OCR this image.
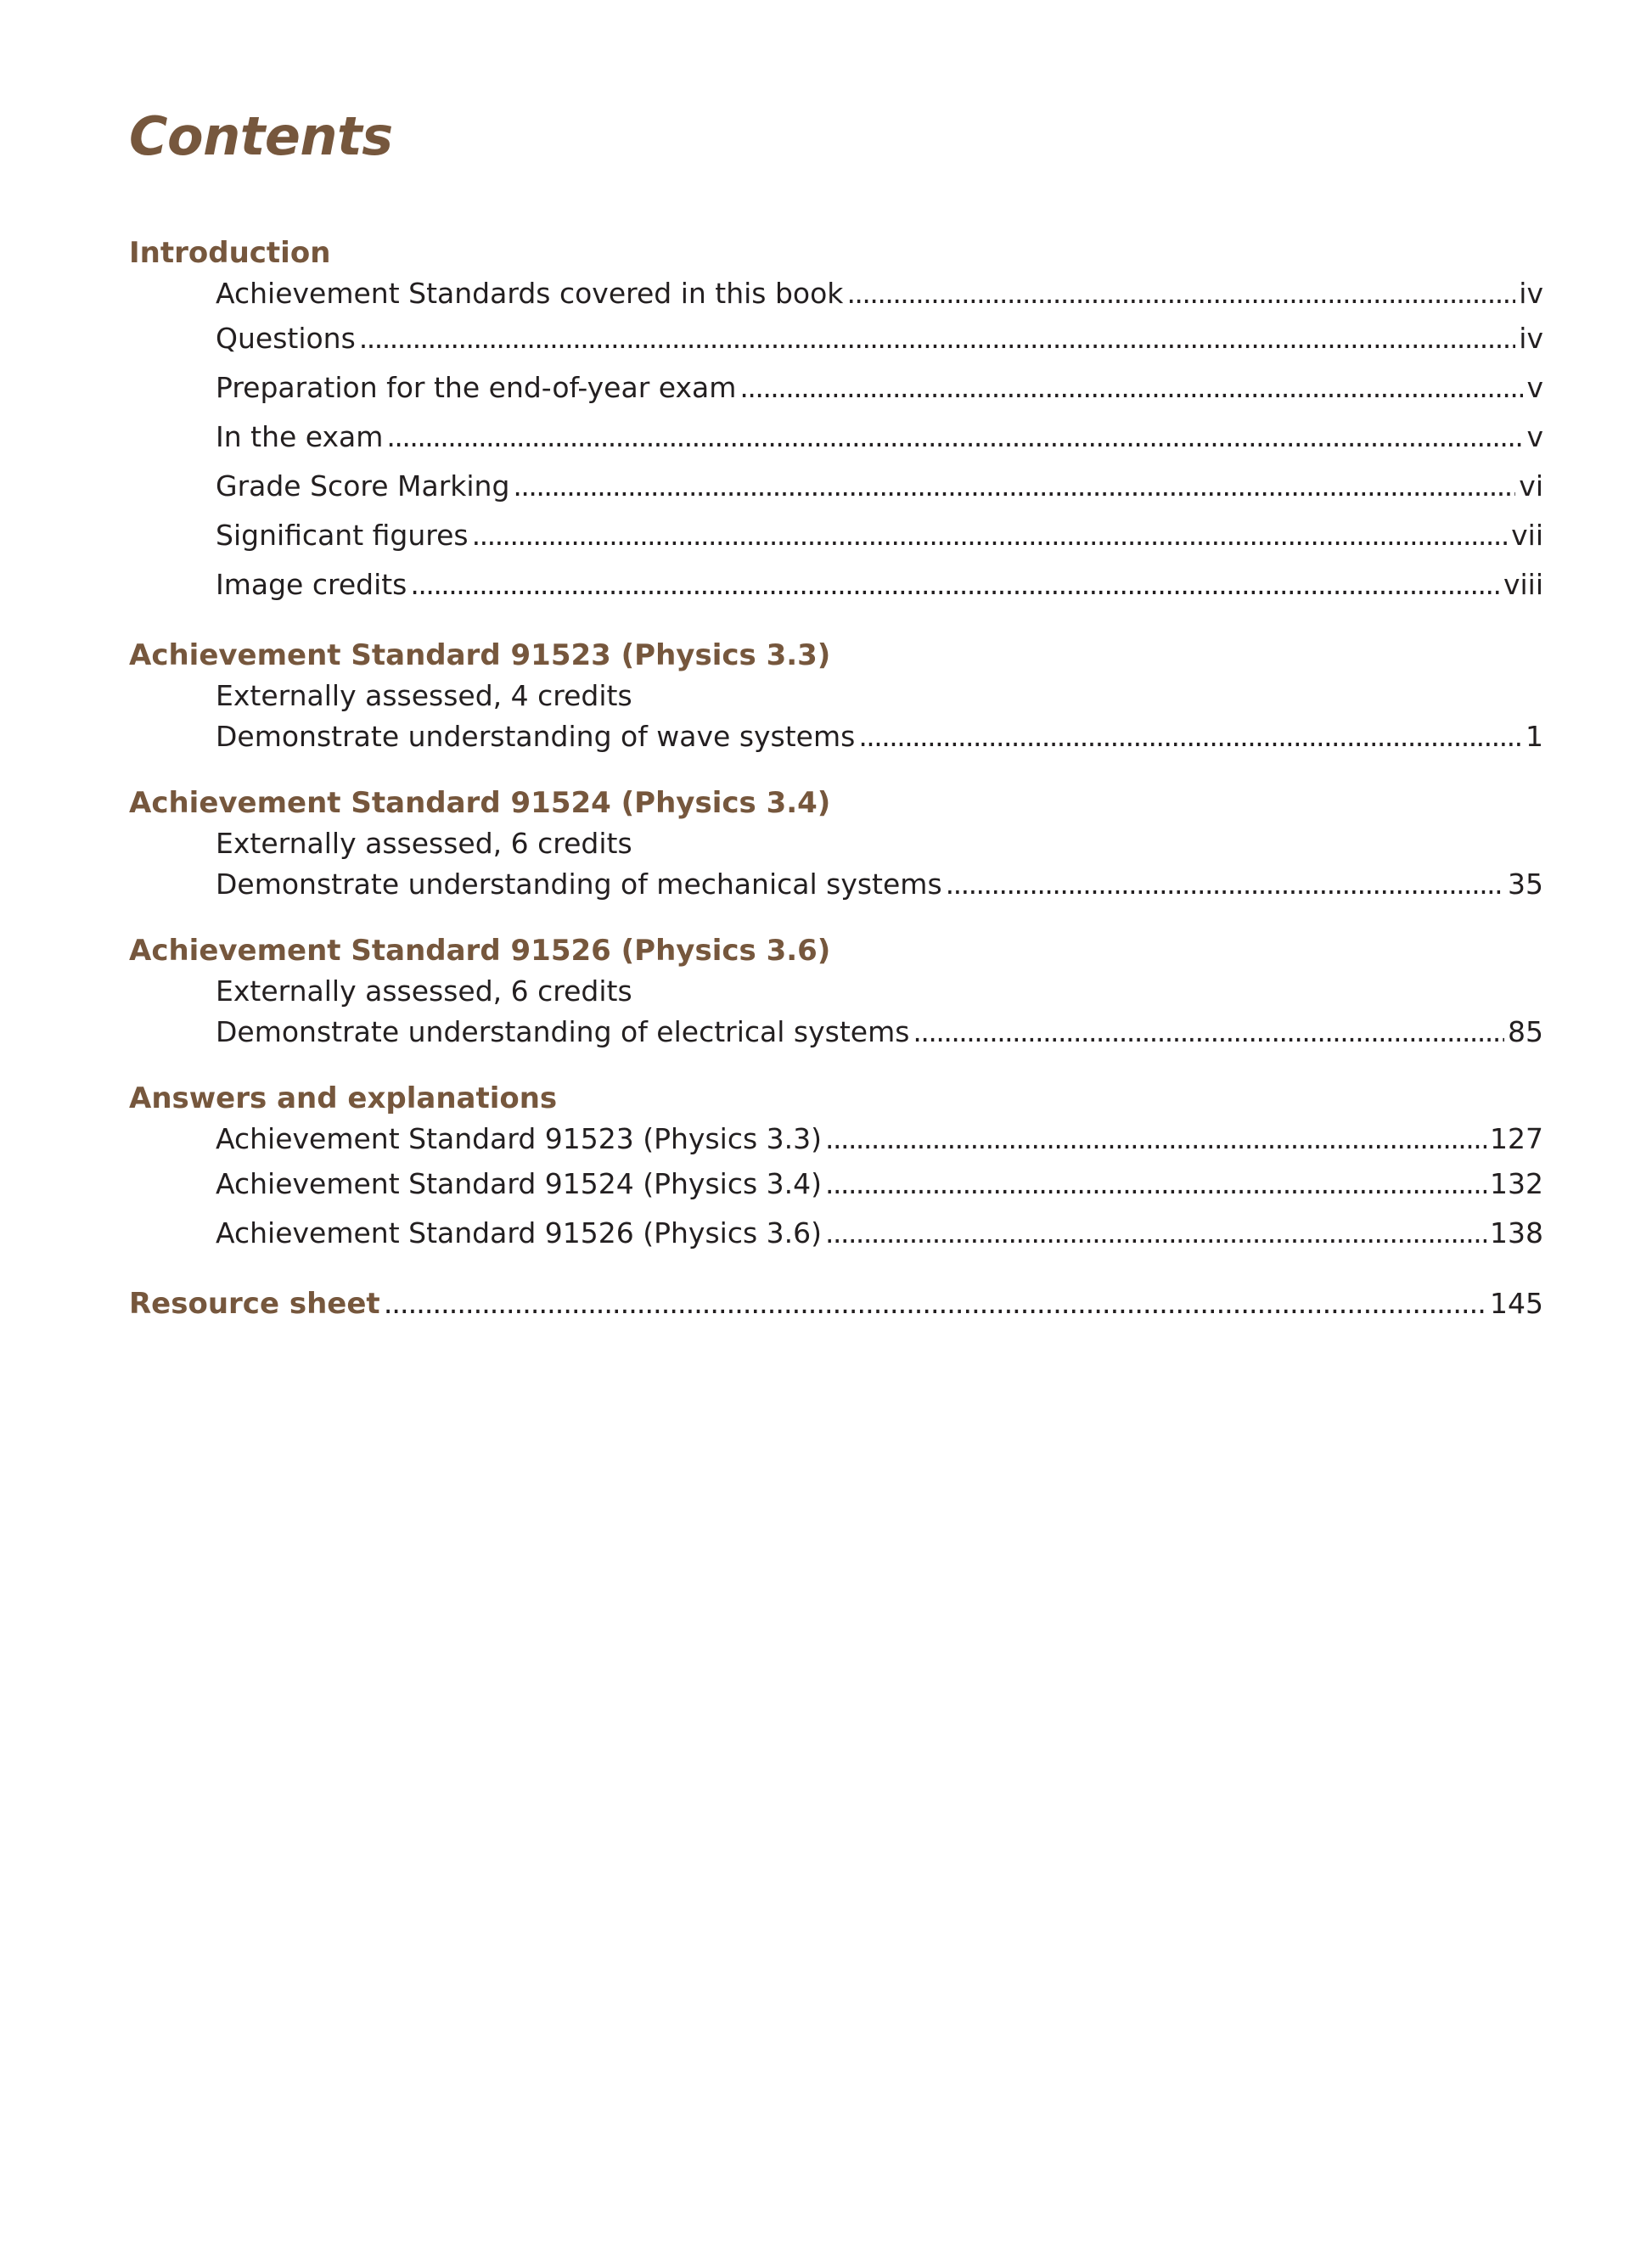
Contents
Introduction
Achievement Standards covered in this book . . .	iv
Questions . . .	iv
Preparation for the end-of-year exam . . .	v
In the exam . . .	v
Grade Score Marking . . .	vi
Significant figures . . .	vii
Image credits . . .	viii
Achievement Standard 91523 (Physics 3.3)
Externally assessed, 4 credits
Demonstrate understanding of wave systems . . .	1
Achievement Standard 91524 (Physics 3.4)
Externally assessed, 6 credits
Demonstrate understanding of mechanical systems . . .	35
Achievement Standard 91526 (Physics 3.6)
Externally assessed, 6 credits
Demonstrate understanding of electrical systems . . .	85
Answers and explanations
Achievement Standard 91523 (Physics 3.3) . . .	127
Achievement Standard 91524 (Physics 3.4) . . .	132
Achievement Standard 91526 (Physics 3.6) . . .	138
Resource sheet . . .	145
